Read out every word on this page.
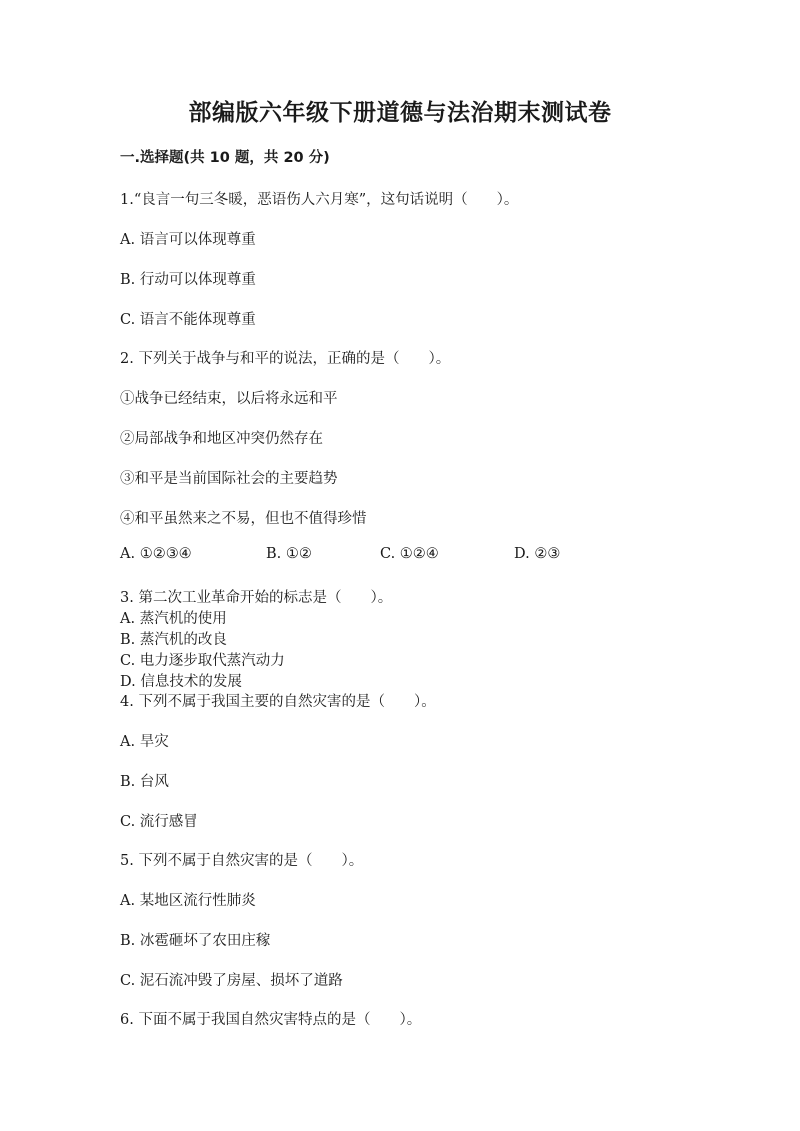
部编版六年级下册道德与法治期末测试卷
一.选择题(共 10 题，共 20 分)
1.“良言一句三冬暖，恶语伤人六月寒”，这句话说明（　　）。
A. 语言可以体现尊重
B. 行动可以体现尊重
C. 语言不能体现尊重
2. 下列关于战争与和平的说法，正确的是（　　）。
①战争已经结束，以后将永远和平
②局部战争和地区冲突仍然存在
③和平是当前国际社会的主要趋势
④和平虽然来之不易，但也不值得珍惜
A. ①②③④	B. ①②	C. ①②④	D. ②③
3. 第二次工业革命开始的标志是（　　）。
A. 蒸汽机的使用
B. 蒸汽机的改良
C. 电力逐步取代蒸汽动力
D. 信息技术的发展
4. 下列不属于我国主要的自然灾害的是（　　）。
A. 旱灾
B. 台风
C. 流行感冒
5. 下列不属于自然灾害的是（　　）。
A. 某地区流行性肺炎
B. 冰雹砸坏了农田庄稼
C. 泥石流冲毁了房屋、损坏了道路
6. 下面不属于我国自然灾害特点的是（　　）。
